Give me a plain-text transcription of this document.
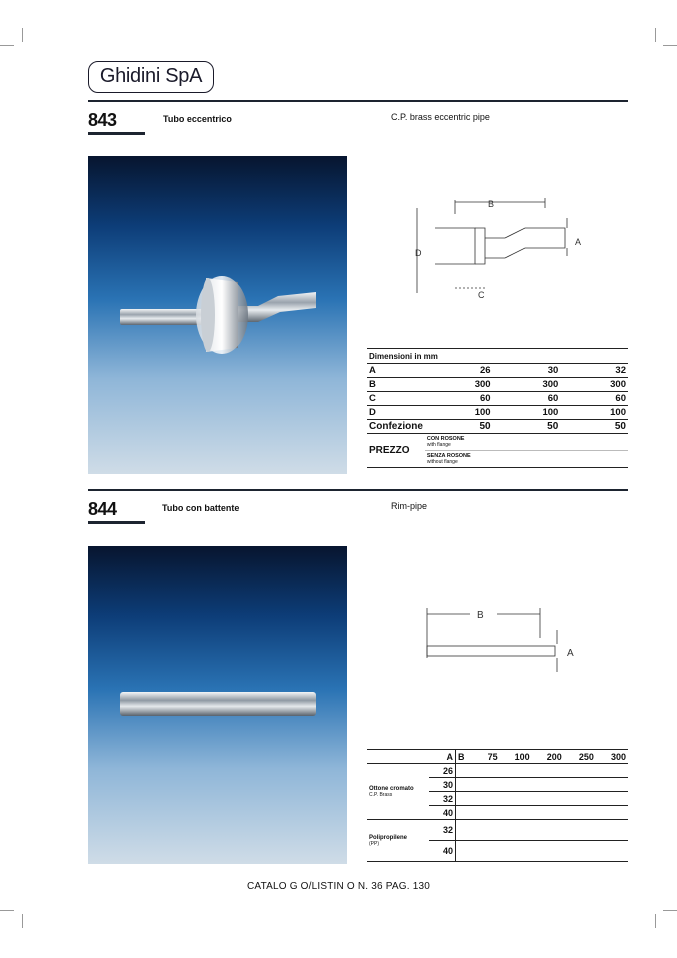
Ghidini SpA
843	Tubo eccentrico	C.P. brass eccentric pipe
B
D
A
C
Dimensioni in mm			
A	26	30	32
B	300	300	300
C	60	60	60
D	100	100	100
Confezione	50	50	50
PREZZO	CON ROSONE
with flange		

	SENZA ROSONE
without flange		
844	Tubo con battente	Rim-pipe
B
A
	A	B	75	100	200	250	300

Ottone cromato
C.P. Brass	26						
	30						
	32						
	40						

Polipropilene
(PP)	32						
	40						
CATALO G O/LISTIN O N. 36 PAG. 130
